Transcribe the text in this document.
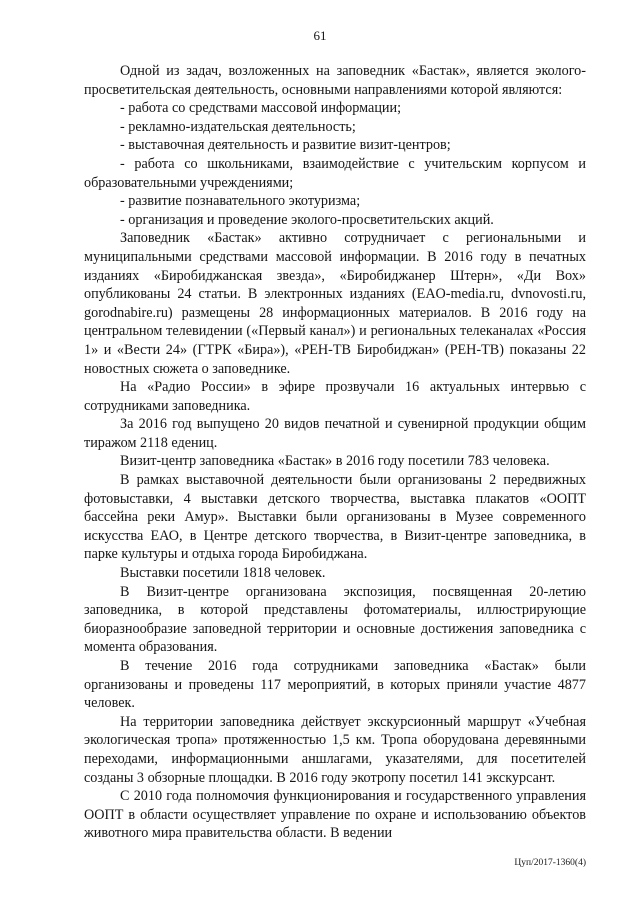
61

Одной из задач, возложенных на заповедник «Бастак», является эколого-просветительская деятельность, основными направлениями которой являются:

- работа со средствами массовой информации;

- рекламно-издательская деятельность;

- выставочная деятельность и развитие визит-центров;

- работа со школьниками, взаимодействие с учительским корпусом и образовательными учреждениями;

- развитие познавательного экотуризма;

- организация и проведение эколого-просветительских акций.

Заповедник «Бастак» активно сотрудничает с региональными и муниципальными средствами массовой информации. В 2016 году в печатных изданиях «Биробиджанская звезда», «Биробиджанер Штерн», «Ди Вох» опубликованы 24 статьи. В электронных изданиях (EAO-media.ru, dvnovosti.ru, gorodnabire.ru) размещены 28 информационных материалов. В 2016 году на центральном телевидении («Первый канал») и региональных телеканалах «Россия 1» и «Вести 24» (ГТРК «Бира»), «РЕН-ТВ Биробиджан» (РЕН-ТВ) показаны 22 новостных сюжета о заповеднике.

На «Радио России» в эфире прозвучали 16 актуальных интервью с сотрудниками заповедника.

За 2016 год выпущено 20 видов печатной и сувенирной продукции общим тиражом 2118 едениц.

Визит-центр заповедника «Бастак» в 2016 году посетили 783 человека.

В рамках выставочной деятельности были организованы 2 передвижных фотовыставки, 4 выставки детского творчества, выставка плакатов «ООПТ бассейна реки Амур». Выставки были организованы в Музее современного искусства ЕАО, в Центре детского творчества, в Визит-центре заповедника, в парке культуры и отдыха города Биробиджана.

Выставки посетили 1818 человек.

В Визит-центре организована экспозиция, посвященная 20-летию заповедника, в которой представлены фотоматериалы, иллюстрирующие биоразнообразие заповедной территории и основные достижения заповедника с момента образования.

В течение 2016 года сотрудниками заповедника «Бастак» были организованы и проведены 117 мероприятий, в которых приняли участие 4877 человек.

На территории заповедника действует экскурсионный маршрут «Учебная экологическая тропа» протяженностью 1,5 км. Тропа оборудована деревянными переходами, информационными аншлагами, указателями, для посетителей созданы 3 обзорные площадки. В 2016 году экотропу посетил 141 экскурсант.

С 2010 года полномочия функционирования и государственного управления ООПТ в области осуществляет управление по охране и использованию объектов животного мира правительства области. В ведении

Цуп/2017-1360(4)
